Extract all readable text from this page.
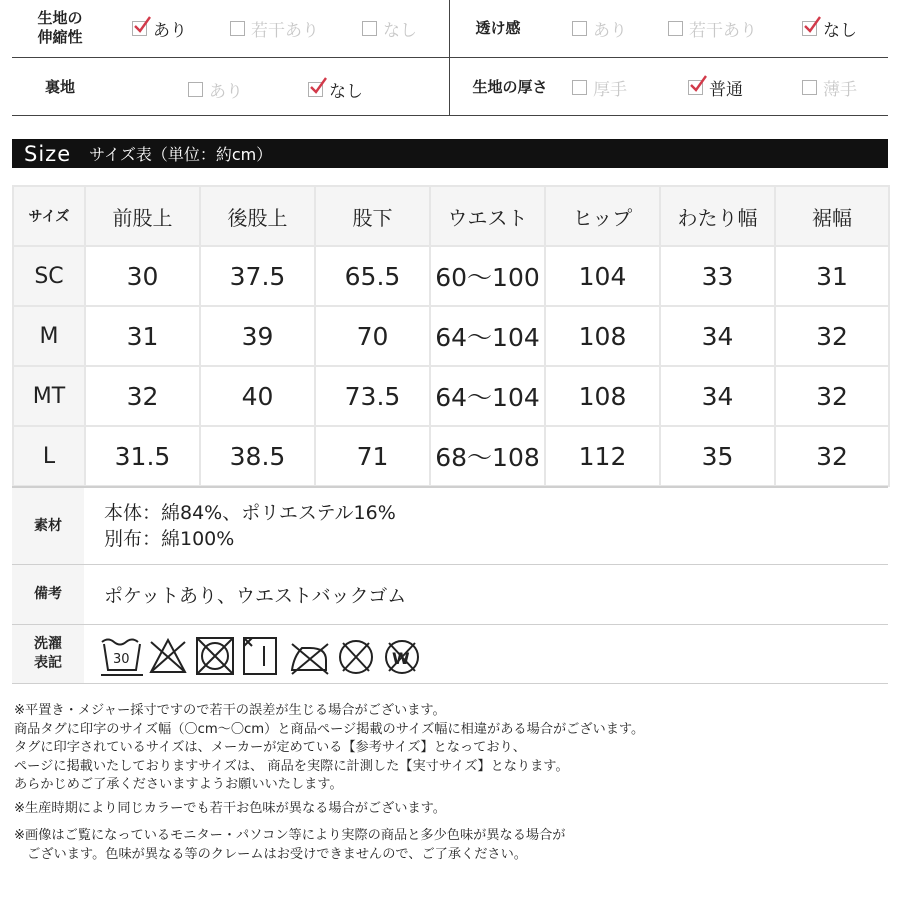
生地の
伸縮性	あり	若干あり	なし	透け感	あり	若干あり	なし
裏地	あり	なし	生地の厚さ	厚手	普通	薄手
Size サイズ表（単位：約cm）
サイズ	前股上	後股上	股下	ウエスト	ヒップ	わたり幅	裾幅
SC	30	37.5	65.5	60〜100	104	33	31
M	31	39	70	64〜104	108	34	32
MT	32	40	73.5	64〜104	108	34	32
L	31.5	38.5	71	68〜108	112	35	32
素材
本体：綿84%、ポリエステル16%
別布：綿100%
備考 ポケットあり、ウエストバックゴム
洗濯
表記	30	W
※平置き・メジャー採寸ですので若干の誤差が生じる場合がございます。
商品タグに印字のサイズ幅（〇cm〜〇cm）と商品ページ掲載のサイズ幅に相違がある場合がございます。
タグに印字されているサイズは、メーカーが定めている【参考サイズ】となっており、
ページに掲載いたしておりますサイズは、 商品を実際に計測した【実寸サイズ】となります。
あらかじめご了承くださいますようお願いいたします。
※生産時期により同じカラーでも若干お色味が異なる場合がございます。
※画像はご覧になっているモニター・パソコン等により実際の商品と多少色味が異なる場合が
　ございます。色味が異なる等のクレームはお受けできませんので、ご了承ください。
